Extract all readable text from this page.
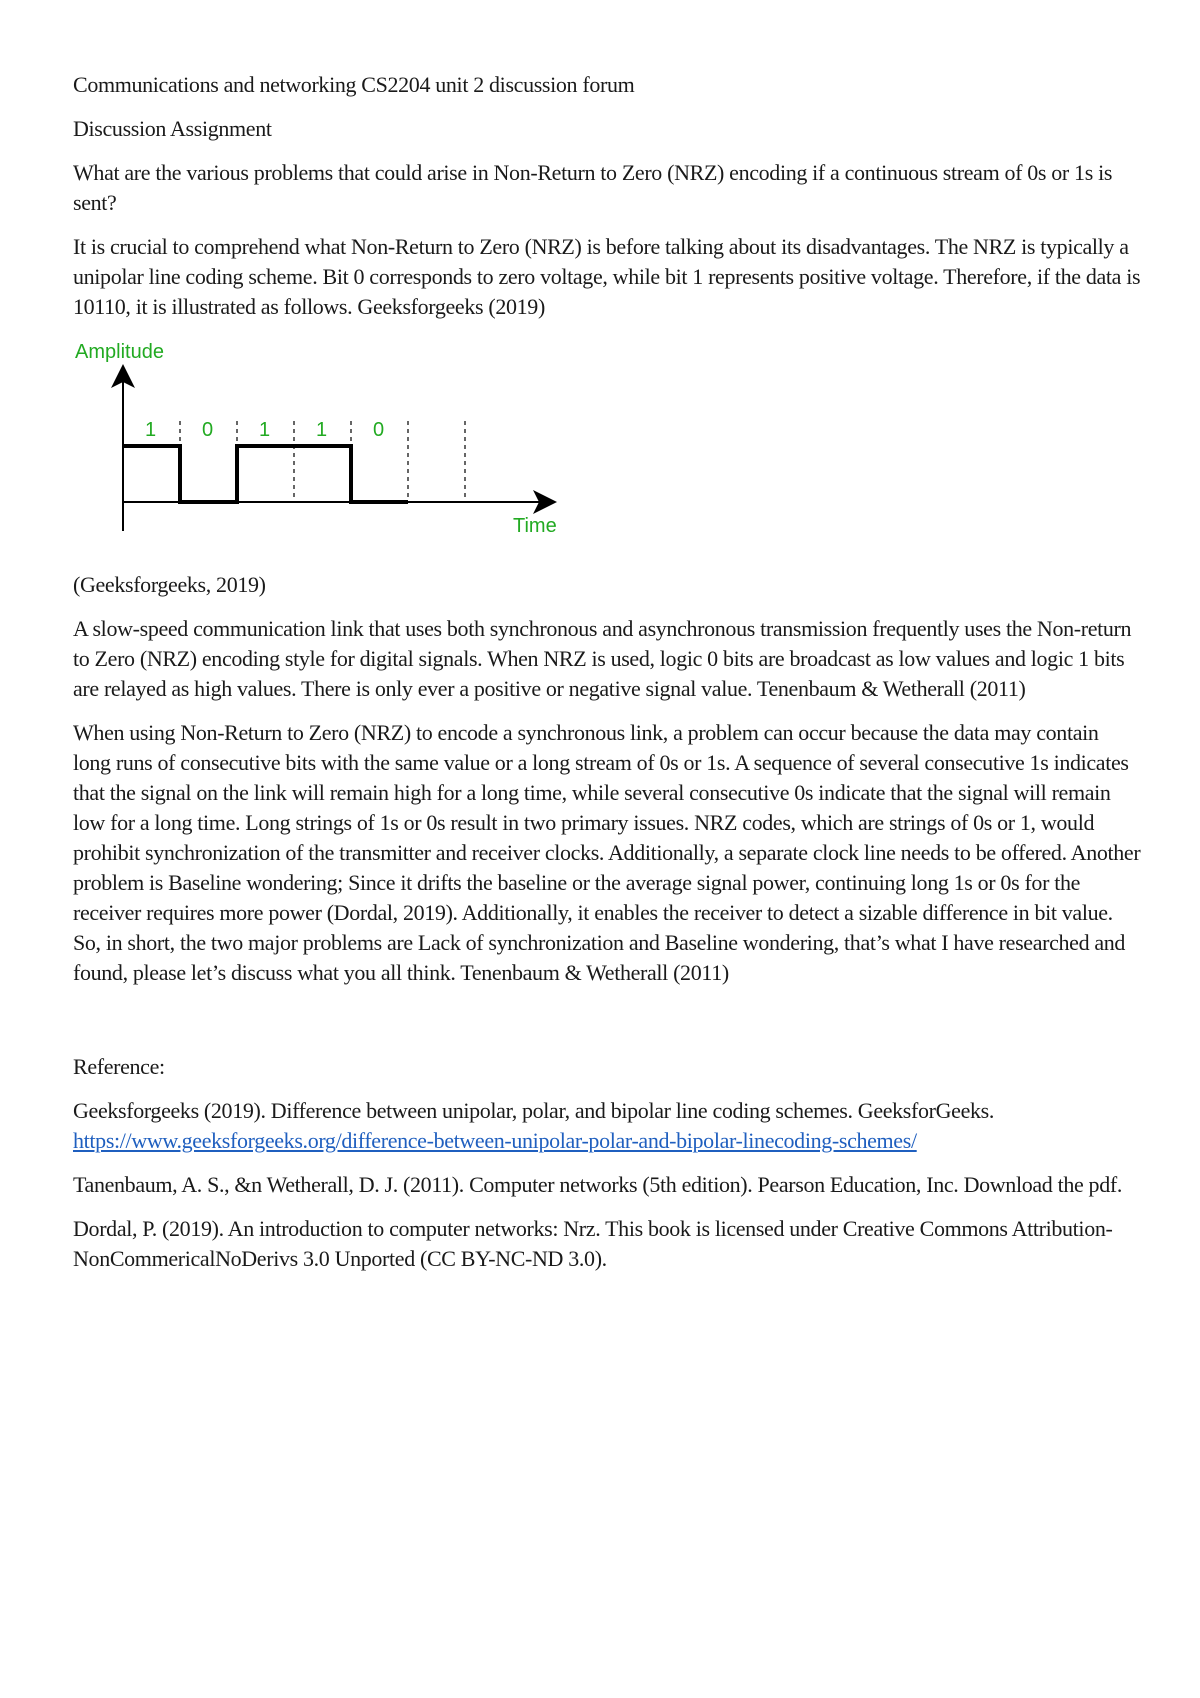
Communications and networking CS2204 unit 2 discussion forum

Discussion Assignment

What are the various problems that could arise in Non-Return to Zero (NRZ) encoding if a continuous stream of 0s or 1s is sent?

It is crucial to comprehend what Non-Return to Zero (NRZ) is before talking about its disadvantages. The NRZ is typically a unipolar line coding scheme. Bit 0 corresponds to zero voltage, while bit 1 represents positive voltage. Therefore, if the data is 10110, it is illustrated as follows. Geeksforgeeks (2019)

Amplitude
Time
1 0 1 1 0

(Geeksforgeeks, 2019)

A slow-speed communication link that uses both synchronous and asynchronous transmission frequently uses the Non-return to Zero (NRZ) encoding style for digital signals. When NRZ is used, logic 0 bits are broadcast as low values and logic 1 bits are relayed as high values. There is only ever a positive or negative signal value. Tenenbaum & Wetherall (2011)

When using Non-Return to Zero (NRZ) to encode a synchronous link, a problem can occur because the data may contain long runs of consecutive bits with the same value or a long stream of 0s or 1s. A sequence of several consecutive 1s indicates that the signal on the link will remain high for a long time, while several consecutive 0s indicate that the signal will remain low for a long time. Long strings of 1s or 0s result in two primary issues. NRZ codes, which are strings of 0s or 1, would prohibit synchronization of the transmitter and receiver clocks. Additionally, a separate clock line needs to be offered. Another problem is Baseline wondering; Since it drifts the baseline or the average signal power, continuing long 1s or 0s for the receiver requires more power (Dordal, 2019). Additionally, it enables the receiver to detect a sizable difference in bit value. So, in short, the two major problems are Lack of synchronization and Baseline wondering, that’s what I have researched and found, please let’s discuss what you all think. Tenenbaum & Wetherall (2011)

Reference:

Geeksforgeeks (2019). Difference between unipolar, polar, and bipolar line coding schemes. GeeksforGeeks. https://www.geeksforgeeks.org/difference-between-unipolar-polar-and-bipolar-linecoding-schemes/

Tanenbaum, A. S., &n Wetherall, D. J. (2011). Computer networks (5th edition). Pearson Education, Inc. Download the pdf.

Dordal, P. (2019). An introduction to computer networks: Nrz. This book is licensed under Creative Commons Attribution-NonCommericalNoDerivs 3.0 Unported (CC BY-NC-ND 3.0).
